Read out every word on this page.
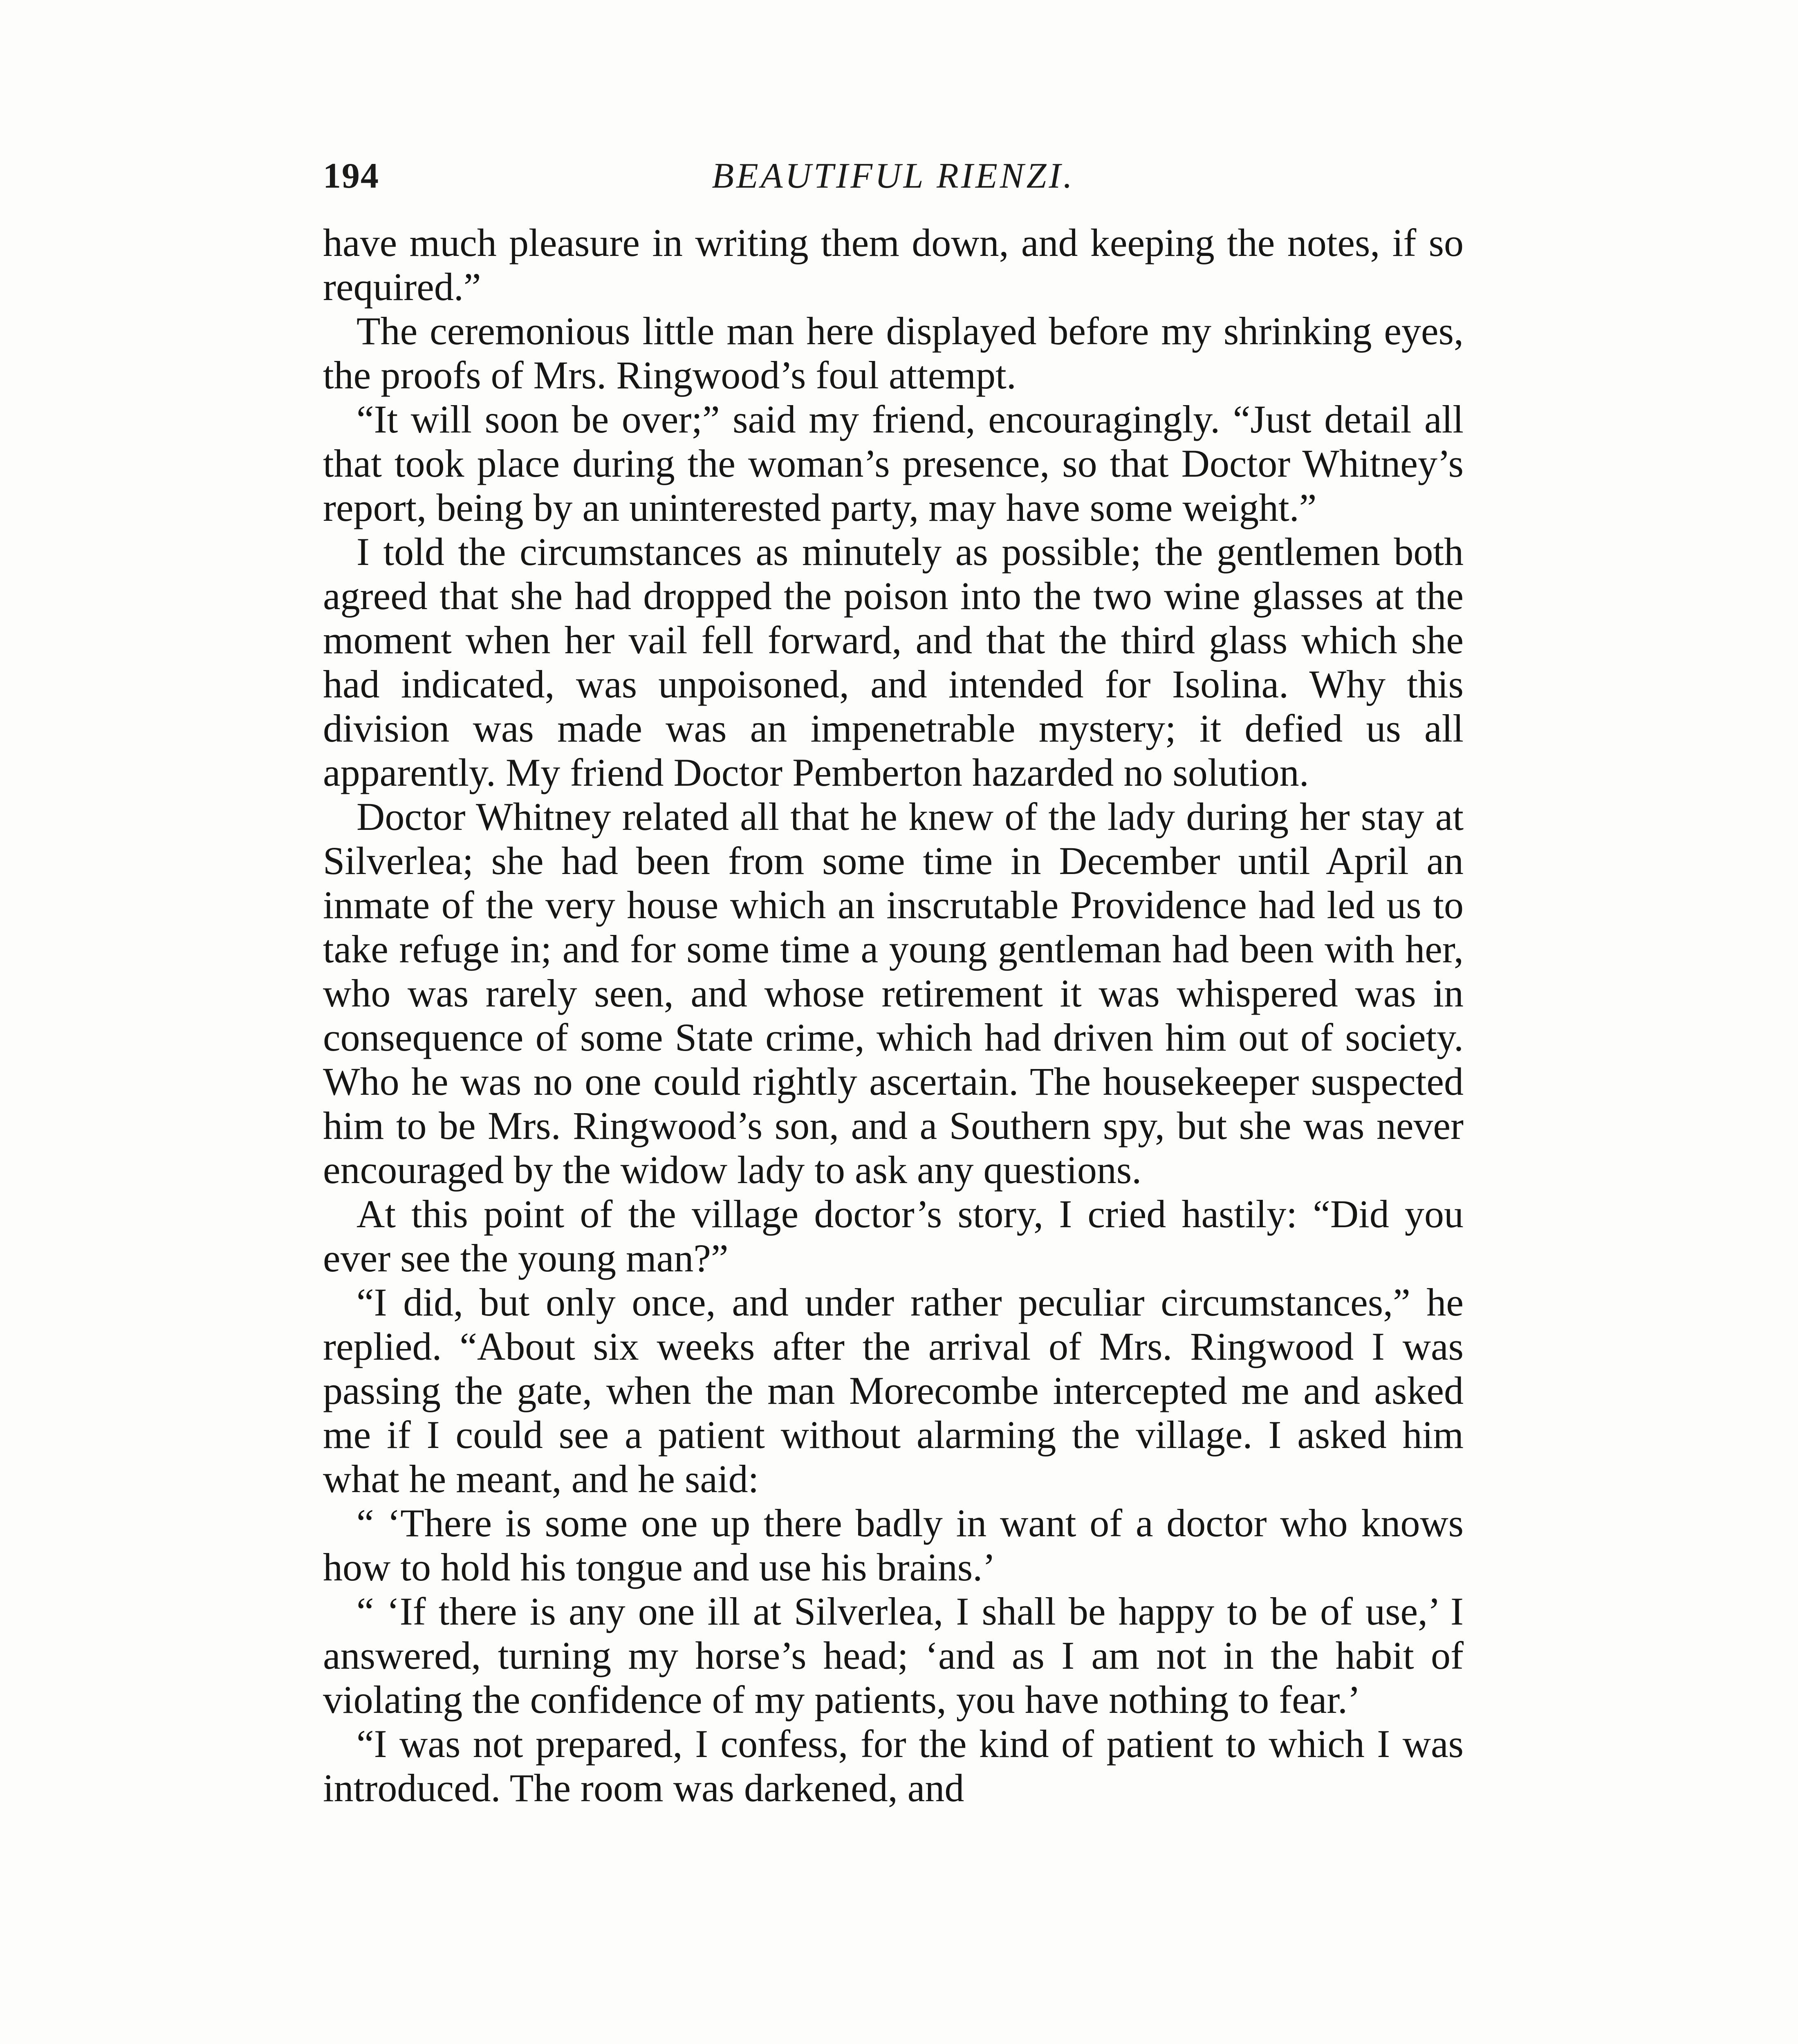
194	BEAUTIFUL RIENZI.

have much pleasure in writing them down, and keeping the notes, if so required.”

The ceremonious little man here displayed before my shrinking eyes, the proofs of Mrs. Ringwood’s foul attempt.

“It will soon be over;” said my friend, encouragingly. “Just detail all that took place during the woman’s presence, so that Doctor Whitney’s report, being by an uninterested party, may have some weight.”

I told the circumstances as minutely as possible; the gentlemen both agreed that she had dropped the poison into the two wine glasses at the moment when her vail fell forward, and that the third glass which she had indicated, was unpoisoned, and intended for Isolina. Why this division was made was an impenetrable mystery; it defied us all apparently. My friend Doctor Pemberton hazarded no solution.

Doctor Whitney related all that he knew of the lady during her stay at Silverlea; she had been from some time in December until April an inmate of the very house which an inscrutable Providence had led us to take refuge in; and for some time a young gentleman had been with her, who was rarely seen, and whose retirement it was whispered was in consequence of some State crime, which had driven him out of society. Who he was no one could rightly ascertain. The housekeeper suspected him to be Mrs. Ringwood’s son, and a Southern spy, but she was never encouraged by the widow lady to ask any questions.

At this point of the village doctor’s story, I cried hastily: “Did you ever see the young man?”

“I did, but only once, and under rather peculiar circumstances,” he replied. “About six weeks after the arrival of Mrs. Ringwood I was passing the gate, when the man Morecombe intercepted me and asked me if I could see a patient without alarming the village. I asked him what he meant, and he said:

“ ‘There is some one up there badly in want of a doctor who knows how to hold his tongue and use his brains.’

“ ‘If there is any one ill at Silverlea, I shall be happy to be of use,’ I answered, turning my horse’s head; ‘and as I am not in the habit of violating the confidence of my patients, you have nothing to fear.’

“I was not prepared, I confess, for the kind of patient to which I was introduced. The room was darkened, and
